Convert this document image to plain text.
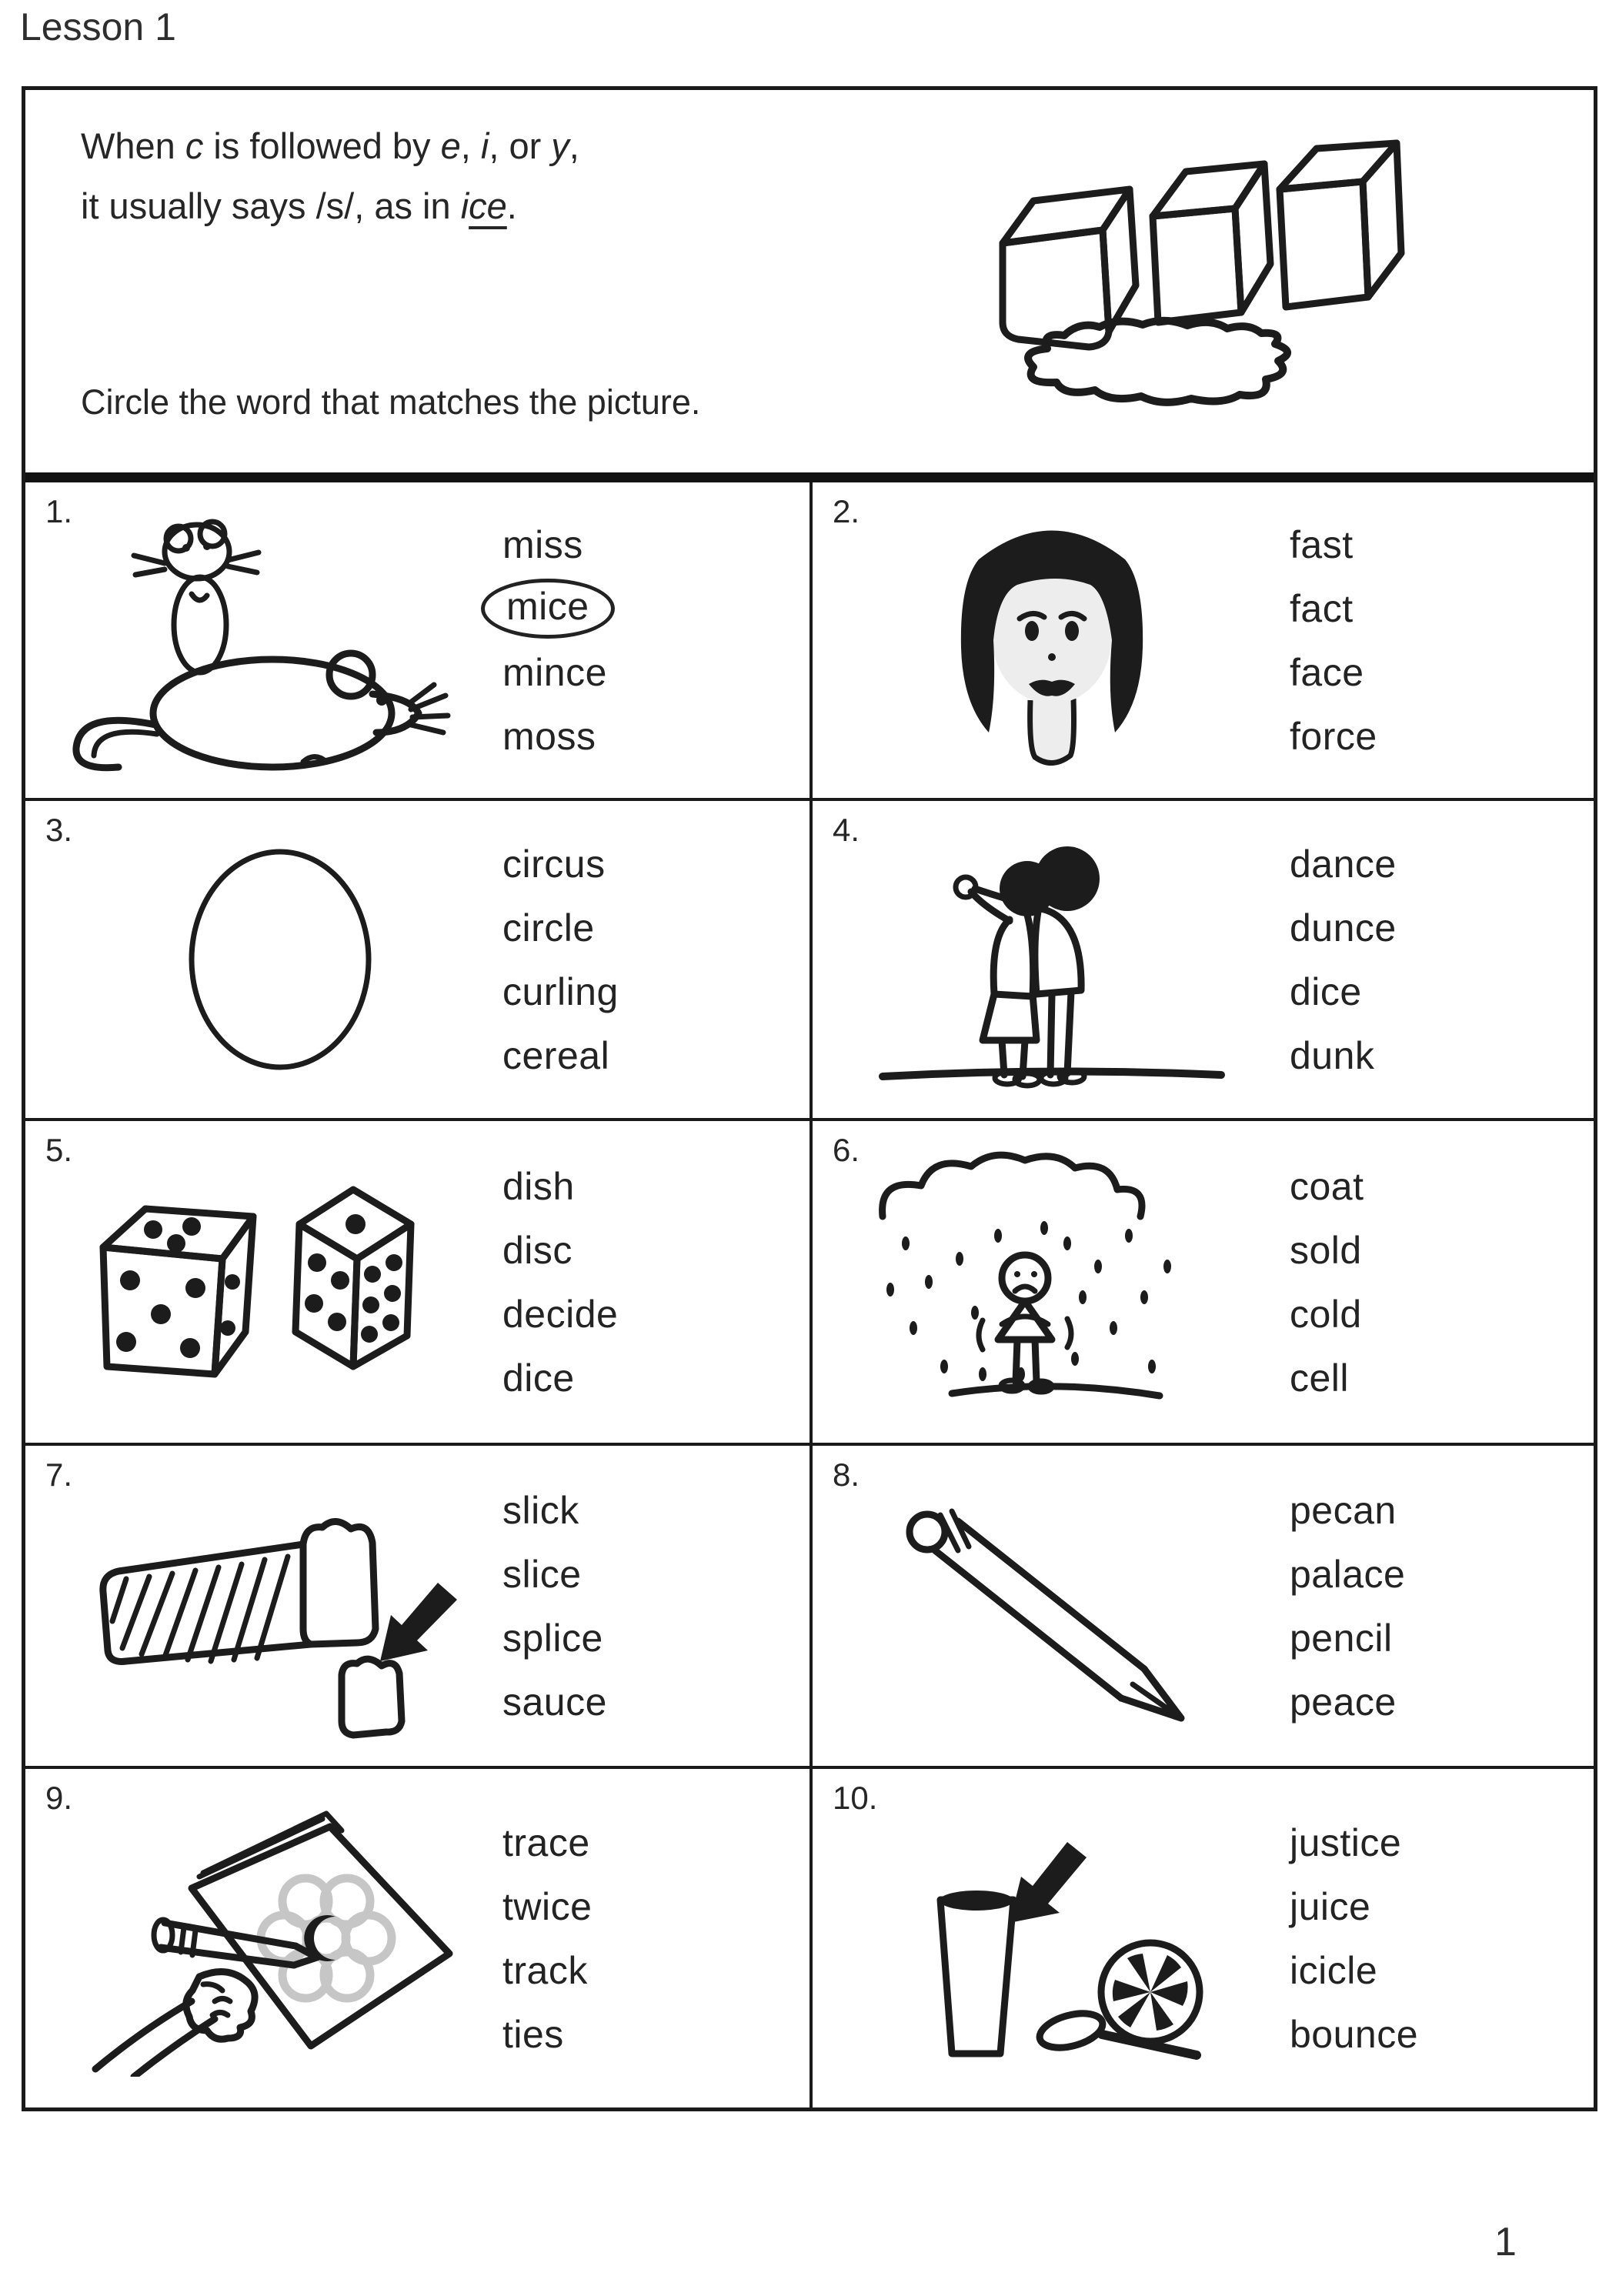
Lesson 1
When c is followed by e, i, or y,
it usually says /s/, as in ice.
Circle the word that matches the picture.
1.
miss
mice
mince
moss
2.
fast
fact
face
force
3.
circus
circle
curling
cereal
4.
dance
dunce
dice
dunk
5.
dish
disc
decide
dice
6.
coat
sold
cold
cell
7.
slick
slice
splice
sauce
8.
pecan
palace
pencil
peace
9.
trace
twice
track
ties
10.
justice
juice
icicle
bounce
1
